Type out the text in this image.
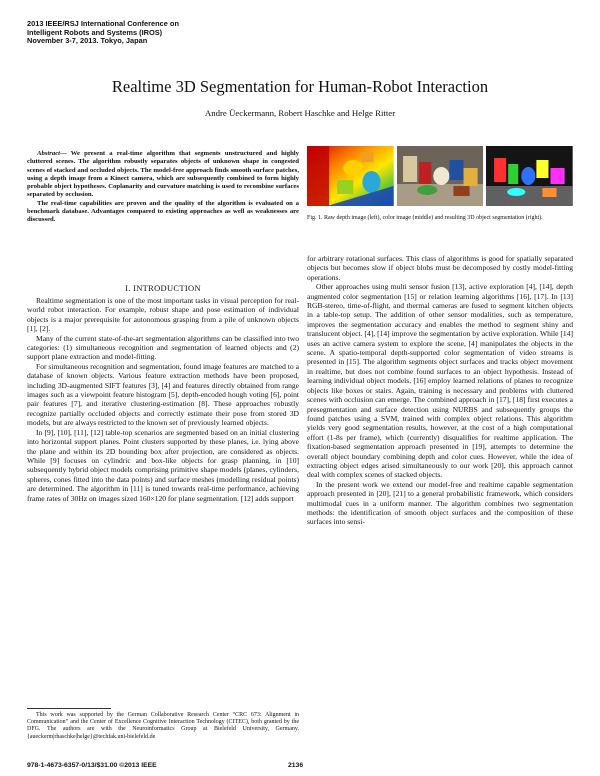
2013 IEEE/RSJ International Conference on
Intelligent Robots and Systems (IROS)
November 3-7, 2013. Tokyo, Japan
Realtime 3D Segmentation for Human-Robot Interaction
Andre Üeckermann, Robert Haschke and Helge Ritter

Abstract— We present a real-time algorithm that segments unstructured and highly cluttered scenes. The algorithm robustly separates objects of unknown shape in congested scenes of stacked and occluded objects. The model-free approach finds smooth surface patches, using a depth image from a Kinect camera, which are subsequently combined to form highly probable object hypotheses. Coplanarity and curvature matching is used to recombine surfaces separated by occlusion.

The real-time capabilities are proven and the quality of the algorithm is evaluated on a benchmark database. Advantages compared to existing approaches as well as weaknesses are discussed.

I. INTRODUCTION

Realtime segmentation is one of the most important tasks in visual perception for real-world robot interaction. For example, robust shape and pose estimation of individual objects is a major prerequisite for autonomous grasping from a pile of unknown objects [1], [2].

Many of the current state-of-the-art segmentation algorithms can be classified into two categories: (1) simultaneous recognition and segmentation of learned objects and (2) support plane extraction and model-fitting.

For simultaneous recognition and segmentation, found image features are matched to a database of known objects. Various feature extraction methods have been proposed, including 3D-augmented SIFT features [3], [4] and features directly obtained from range images such as a viewpoint feature histogram [5], depth-encoded hough voting [6], point pair features [7], and iterative clustering-estimation [8]. These approaches robustly recognize partially occluded objects and correctly estimate their pose from stored 3D models, but are always restricted to the known set of previously learned objects.

In [9], [10], [11], [12] table-top scenarios are segmented based on an initial clustering into horizontal support planes. Point clusters supported by these planes, i.e. lying above the plane and within its 2D bounding box after projection, are considered as objects. While [9] focuses on cylindric and box-like objects for grasp planning, in [10] subsequently hybrid object models comprising primitive shape models (planes, cylinders, spheres, cones fitted into the data points) and surface meshes (modelling residual points) are determined. The algorithm in [11] is tuned towards real-time performance, achieving frame rates of 30Hz on images sized 160×120 for plane segmentation. [12] adds support

This work was supported by the German Collaborative Research Center “CRC 673: Alignment in Communication” and the Center of Excellence Cognitive Interaction Technology (CITEC), both granted by the DFG. The authors are with the Neuroinformatics Group at Bielefeld University, Germany. {aueckerm|rhaschke|helge}@techfak.uni-bielefeld.de
Fig. 1. Raw depth image (left), color image (middle) and resulting 3D object segmentation (right).

for arbitrary rotational surfaces. This class of algorithms is good for spatially separated objects but becomes slow if object blobs must be decomposed by costly model-fitting operations.

Other approaches using multi sensor fusion [13], active exploration [4], [14], depth augmented color segmentation [15] or relation learning algorithms [16], [17]. In [13] RGB-stereo, time-of-flight, and thermal cameras are fused to segment kitchen objects in a table-top setup. The addition of other sensor modalities, such as temperature, improves the segmentation accuracy and enables the method to segment shiny and translucent object. [4], [14] improve the segmentation by active exploration. While [14] uses an active camera system to explore the scene, [4] manipulates the objects in the scene. A spatio-temporal depth-supported color segmentation of video streams is presented in [15]. The algorithm segments object surfaces and tracks object movement in realtime, but does not combine found surfaces to an object hypothesis. Instead of learning individual object models, [16] employ learned relations of planes to recognize objects like boxes or stairs. Again, training is necessary and problems with cluttered scenes with occlusion can emerge. The combined approach in [17], [18] first executes a presegmentation and surface detection using NURBS and subsequently groups the found patches using a SVM, trained with complex object relations. This algorithm yields very good segmentation results, however, at the cost of a high computational effort (1-8s per frame), which (currently) disqualifies for realtime application. The fixation-based segmentation approach presented in [19], attempts to determine the overall object boundary combining depth and color cues. However, while the idea of extracting object edges arised simultaneously to our work [20], this approach cannot deal with complex scenes of stacked objects.

In the present work we extend our model-free and realtime capable segmentation approach presented in [20], [21] to a general probabilistic framework, which considers multimodal cues in a uniform manner. The algorithm combines two segmentation methods: the identification of smooth object surfaces and the composition of these surfaces into sensi-

978-1-4673-6357-0/13/$31.00 ©2013 IEEE	2136
